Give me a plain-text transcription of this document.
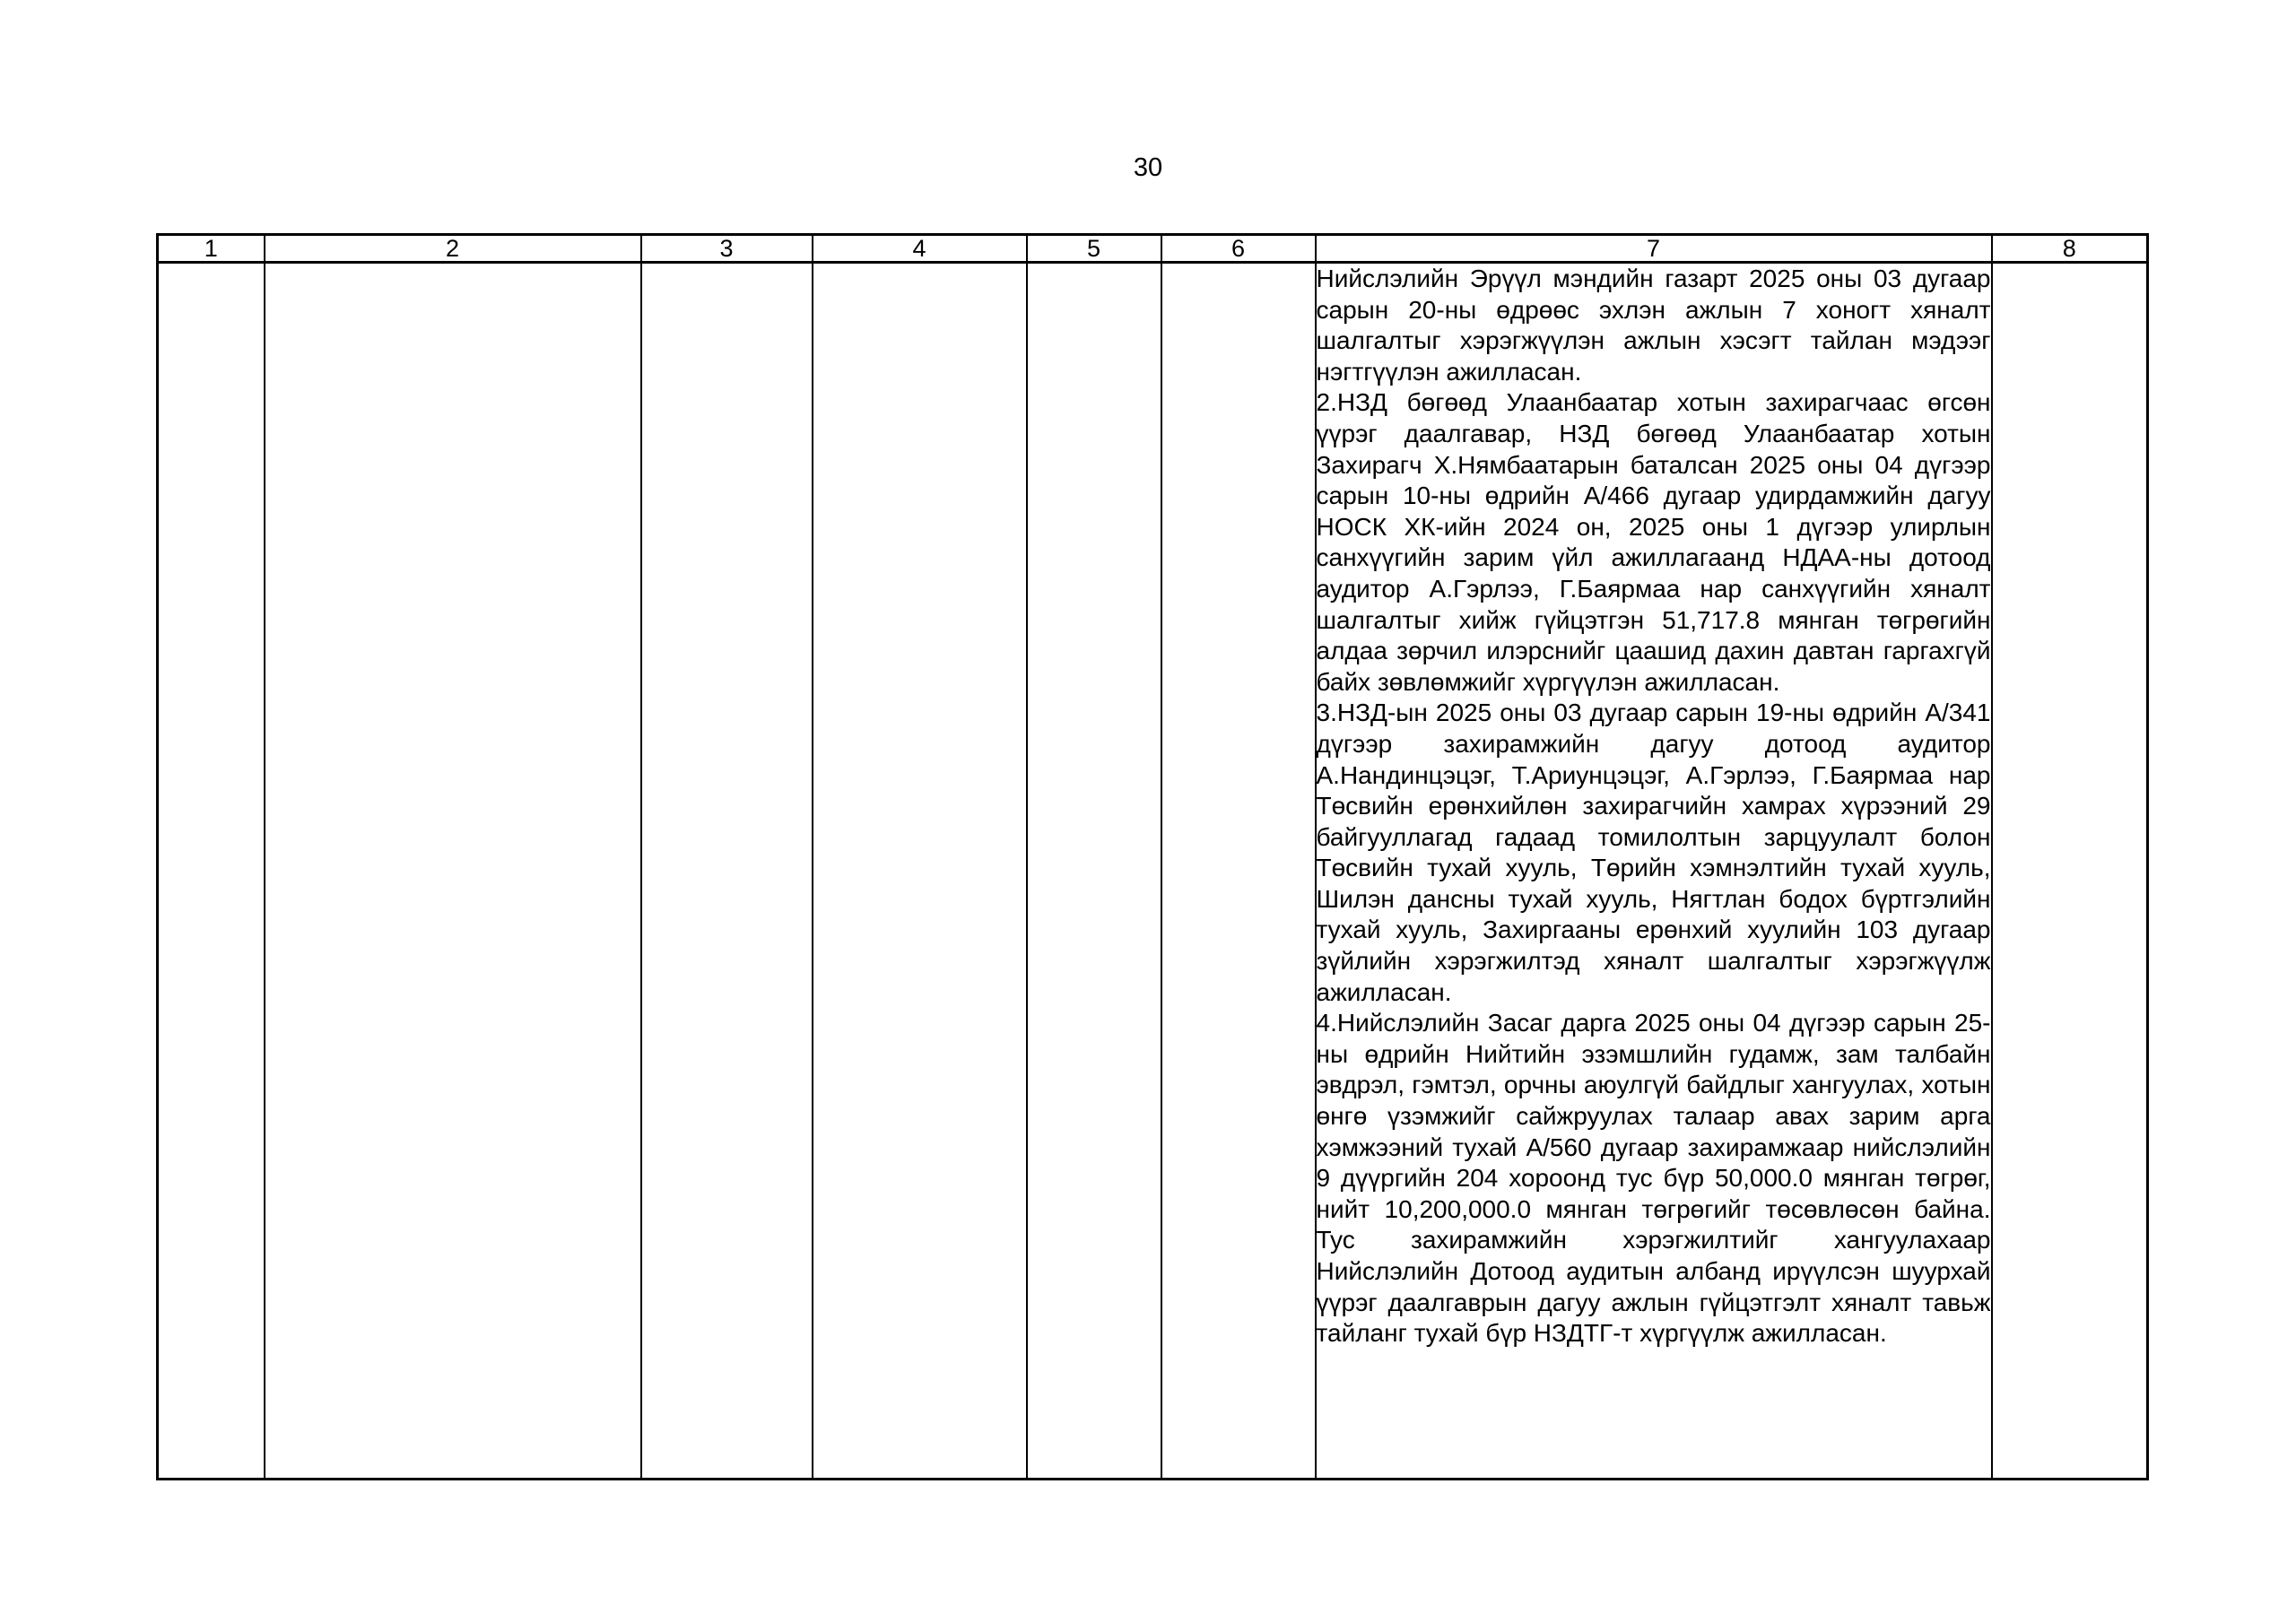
30
1	2	3	4	5	6	7	8

						Нийслэлийн Эрүүл мэндийн газарт 2025 оны 03 дугаар сарын 20-ны өдрөөс эхлэн ажлын 7 хоногт хяналт шалгалтыг хэрэгжүүлэн ажлын хэсэгт тайлан мэдээг нэгтгүүлэн ажилласан.

2.НЗД бөгөөд Улаанбаатар хотын захирагчаас өгсөн үүрэг даалгавар, НЗД бөгөөд Улаанбаатар хотын Захирагч Х.Нямбаатарын баталсан 2025 оны 04 дүгээр сарын 10-ны өдрийн А/466 дугаар удирдамжийн дагуу НОСК ХК-ийн 2024 он, 2025 оны 1 дүгээр улирлын санхүүгийн зарим үйл ажиллагаанд НДАА-ны дотоод аудитор А.Гэрлээ, Г.Баярмаа нар санхүүгийн хяналт шалгалтыг хийж гүйцэтгэн 51,717.8 мянган төгрөгийн алдаа зөрчил илэрснийг цаашид дахин давтан гаргахгүй байх зөвлөмжийг хүргүүлэн ажилласан.

3.НЗД-ын 2025 оны 03 дугаар сарын 19-ны өдрийн А/341 дүгээр захирамжийн дагуу дотоод аудитор А.Нандинцэцэг, Т.Ариунцэцэг, А.Гэрлээ, Г.Баярмаа нар Төсвийн ерөнхийлөн захирагчийн хамрах хүрээний 29 байгууллагад гадаад томилолтын зарцуулалт болон Төсвийн тухай хууль, Төрийн хэмнэлтийн тухай хууль, Шилэн дансны тухай хууль, Нягтлан бодох бүртгэлийн тухай хууль, Захиргааны ерөнхий хуулийн 103 дугаар зүйлийн хэрэгжилтэд хяналт шалгалтыг хэрэгжүүлж ажилласан.

4.Нийслэлийн Засаг дарга 2025 оны 04 дүгээр сарын 25-ны өдрийн Нийтийн эзэмшлийн гудамж, зам талбайн эвдрэл, гэмтэл, орчны аюулгүй байдлыг хангуулах, хотын өнгө үзэмжийг сайжруулах талаар авах зарим арга хэмжээний тухай А/560 дугаар захирамжаар нийслэлийн 9 дүүргийн 204 хороонд тус бүр 50,000.0 мянган төгрөг, нийт 10,200,000.0 мянган төгрөгийг төсөвлөсөн байна. Тус захирамжийн хэрэгжилтийг хангуулахаар Нийслэлийн Дотоод аудитын албанд ирүүлсэн шуурхай үүрэг даалгаврын дагуу ажлын гүйцэтгэлт хяналт тавьж тайланг тухай бүр НЗДТГ-т хүргүүлж ажилласан.	
